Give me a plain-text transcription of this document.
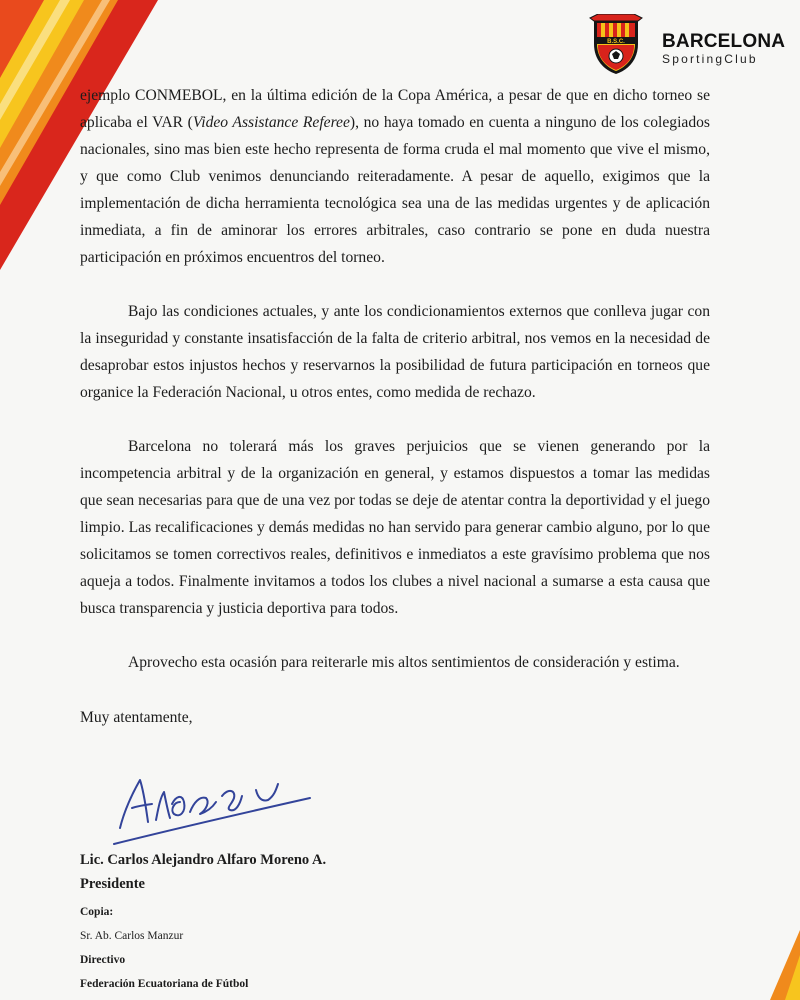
B.S.C. BARCELONA
SportingClub

ejemplo CONMEBOL, en la última edición de la Copa América, a pesar de que en dicho torneo se aplicaba el VAR (Video Assistance Referee), no haya tomado en cuenta a ninguno de los colegiados nacionales, sino mas bien este hecho representa de forma cruda el mal momento que vive el mismo, y que como Club venimos denunciando reiteradamente. A pesar de aquello, exigimos que la implementación de dicha herramienta tecnológica sea una de las medidas urgentes y de aplicación inmediata, a fin de aminorar los errores arbitrales, caso contrario se pone en duda nuestra participación en próximos encuentros del torneo.

Bajo las condiciones actuales, y ante los condicionamientos externos que conlleva jugar con la inseguridad y constante insatisfacción de la falta de criterio arbitral, nos vemos en la necesidad de desaprobar estos injustos hechos y reservarnos la posibilidad de futura participación en torneos que organice la Federación Nacional, u otros entes, como medida de rechazo.

Barcelona no tolerará más los graves perjuicios que se vienen generando por la incompetencia arbitral y de la organización en general, y estamos dispuestos a tomar las medidas que sean necesarias para que de una vez por todas se deje de atentar contra la deportividad y el juego limpio. Las recalificaciones y demás medidas no han servido para generar cambio alguno, por lo que solicitamos se tomen correctivos reales, definitivos e inmediatos a este gravísimo problema que nos aqueja a todos. Finalmente invitamos a todos los clubes a nivel nacional a sumarse a esta causa que busca transparencia y justicia deportiva para todos.

Aprovecho esta ocasión para reiterarle mis altos sentimientos de consideración y estima.

Muy atentamente,

Lic. Carlos Alejandro Alfaro Moreno A.
Presidente
Copia:
Sr. Ab. Carlos Manzur
Directivo
Federación Ecuatoriana de Fútbol
